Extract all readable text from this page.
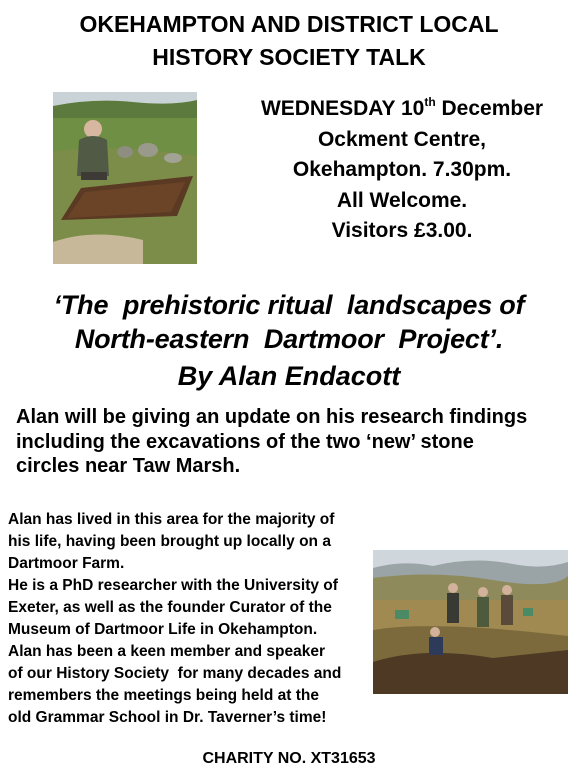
OKEHAMPTON AND DISTRICT LOCAL
HISTORY SOCIETY TALK
WEDNESDAY 10th December
Ockment Centre,
Okehampton. 7.30pm.
All Welcome.
Visitors £3.00.
‘The  prehistoric ritual  landscapes of
North-eastern  Dartmoor  Project’.
By Alan Endacott
Alan will be giving an update on his research findings
including the excavations of the two ‘new’ stone
circles near Taw Marsh.
Alan has lived in this area for the majority of
his life, having been brought up locally on a
Dartmoor Farm.
He is a PhD researcher with the University of
Exeter, as well as the founder Curator of the
Museum of Dartmoor Life in Okehampton.
Alan has been a keen member and speaker
of our History Society  for many decades and
remembers the meetings being held at the
old Grammar School in Dr. Taverner’s time!
CHARITY NO. XT31653
